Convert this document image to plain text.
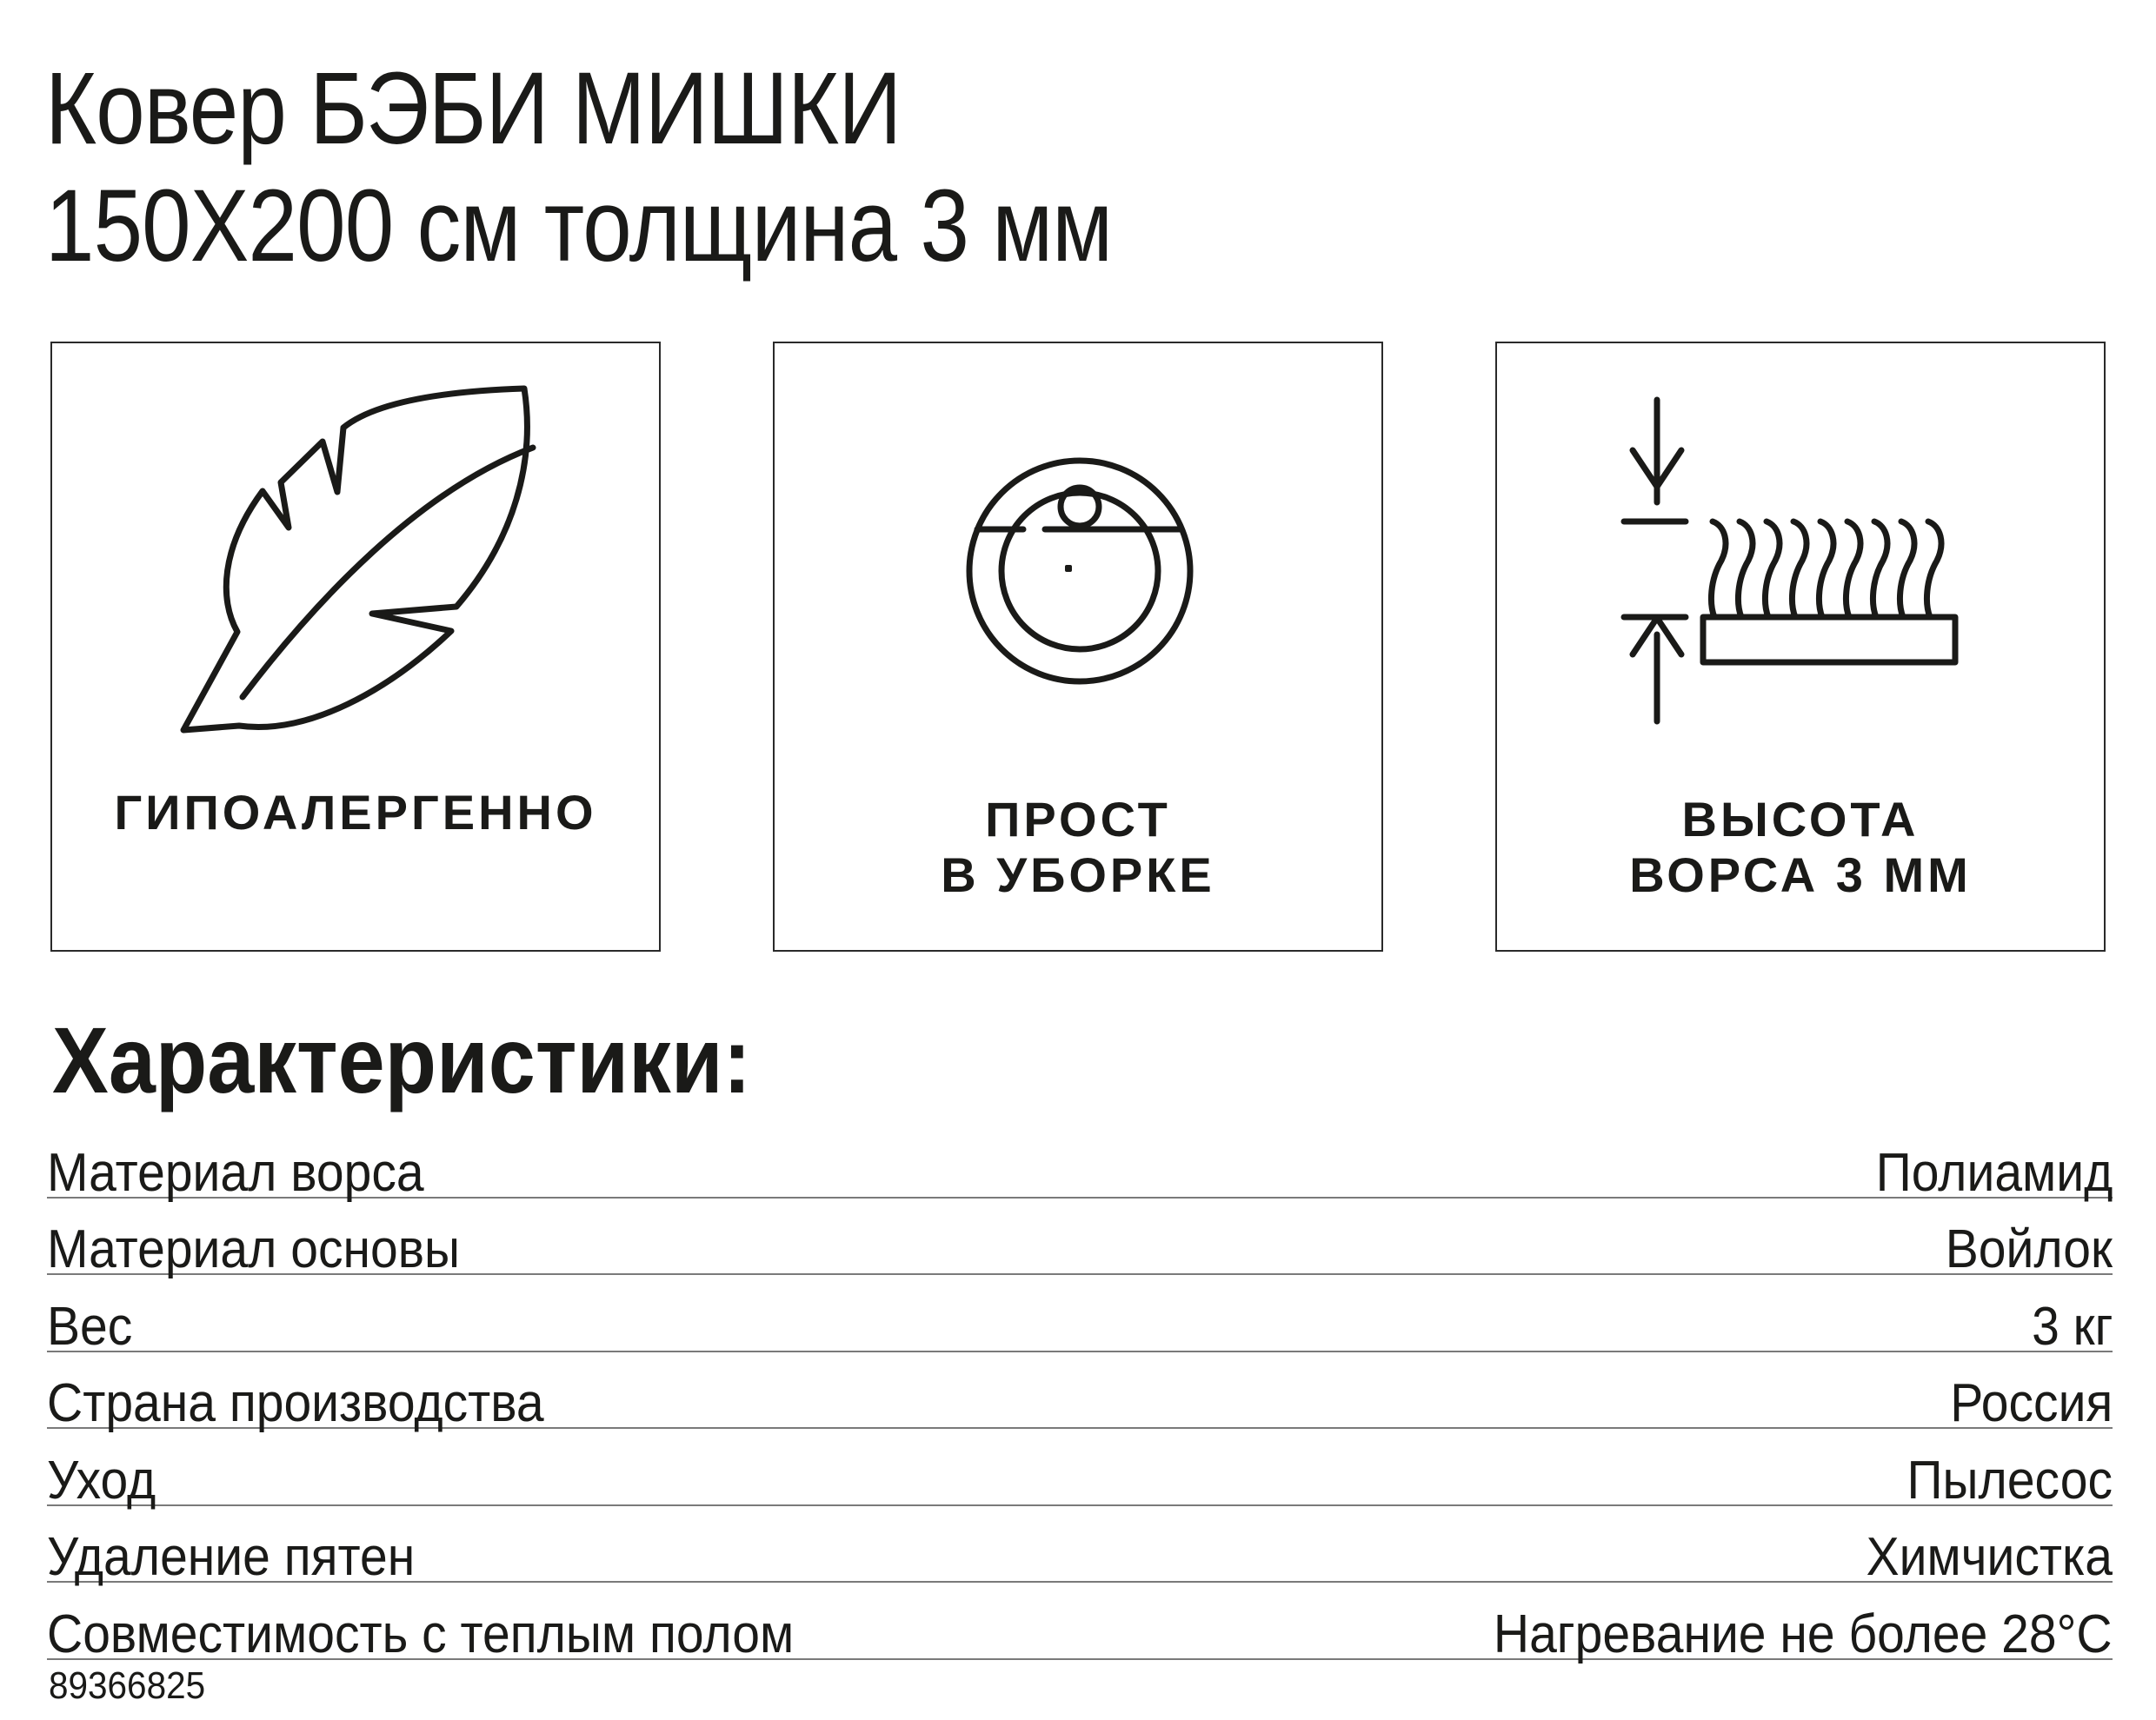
Ковер БЭБИ МИШКИ
150X200 см толщина 3 мм
ГИПОАЛЕРГЕННО	ПРОСТ
В УБОРКЕ
ВЫСОТА
ВОРСА 3 ММ
Характеристики:
Материал ворса	Полиамид
Материал основы	Войлок
Вес	3 кг
Страна производства	Россия
Уход	Пылесос
Удаление пятен	Химчистка
Совместимость с теплым полом	Нагревание не более 28°C
89366825
